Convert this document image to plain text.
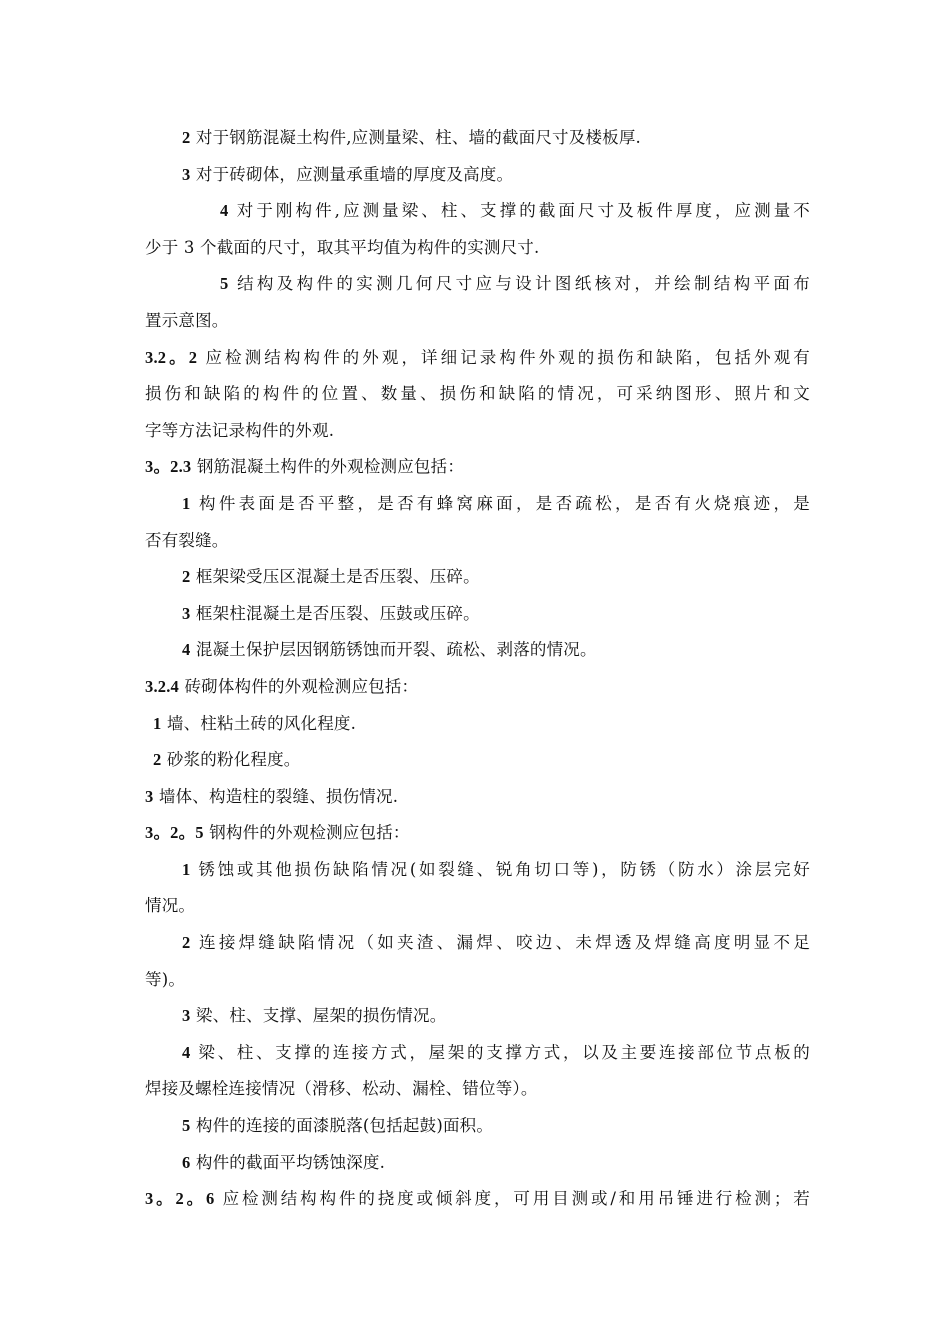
2 对于钢筋混凝土构件,应测量梁、柱、墙的截面尺寸及楼板厚.
3 对于砖砌体，应测量承重墙的厚度及高度。
4 对于刚构件,应测量梁、柱、支撑的截面尺寸及板件厚度，应测量不
少于 3 个截面的尺寸，取其平均值为构件的实测尺寸.
5 结构及构件的实测几何尺寸应与设计图纸核对，并绘制结构平面布
置示意图。
3.2。2 应检测结构构件的外观，详细记录构件外观的损伤和缺陷，包括外观有
损伤和缺陷的构件的位置、数量、损伤和缺陷的情况，可采纳图形、照片和文
字等方法记录构件的外观.
3。2.3 钢筋混凝土构件的外观检测应包括：
1 构件表面是否平整，是否有蜂窝麻面，是否疏松，是否有火烧痕迹，是
否有裂缝。
2 框架梁受压区混凝土是否压裂、压碎。
3 框架柱混凝土是否压裂、压鼓或压碎。
4 混凝土保护层因钢筋锈蚀而开裂、疏松、剥落的情况。
3.2.4 砖砌体构件的外观检测应包括：
1 墙、柱粘土砖的风化程度.
2 砂浆的粉化程度。
3 墙体、构造柱的裂缝、损伤情况.
3。2。5 钢构件的外观检测应包括：
1 锈蚀或其他损伤缺陷情况(如裂缝、锐角切口等)，防锈（防水）涂层完好
情况。
2 连接焊缝缺陷情况（如夹渣、漏焊、咬边、未焊透及焊缝高度明显不足
等)。
3 梁、柱、支撑、屋架的损伤情况。
4 梁、柱、支撑的连接方式，屋架的支撑方式，以及主要连接部位节点板的
焊接及螺栓连接情况（滑移、松动、漏栓、错位等）。
5 构件的连接的面漆脱落(包括起鼓)面积。
6 构件的截面平均锈蚀深度.
3。2。6 应检测结构构件的挠度或倾斜度，可用目测或/和用吊锤进行检测；若
